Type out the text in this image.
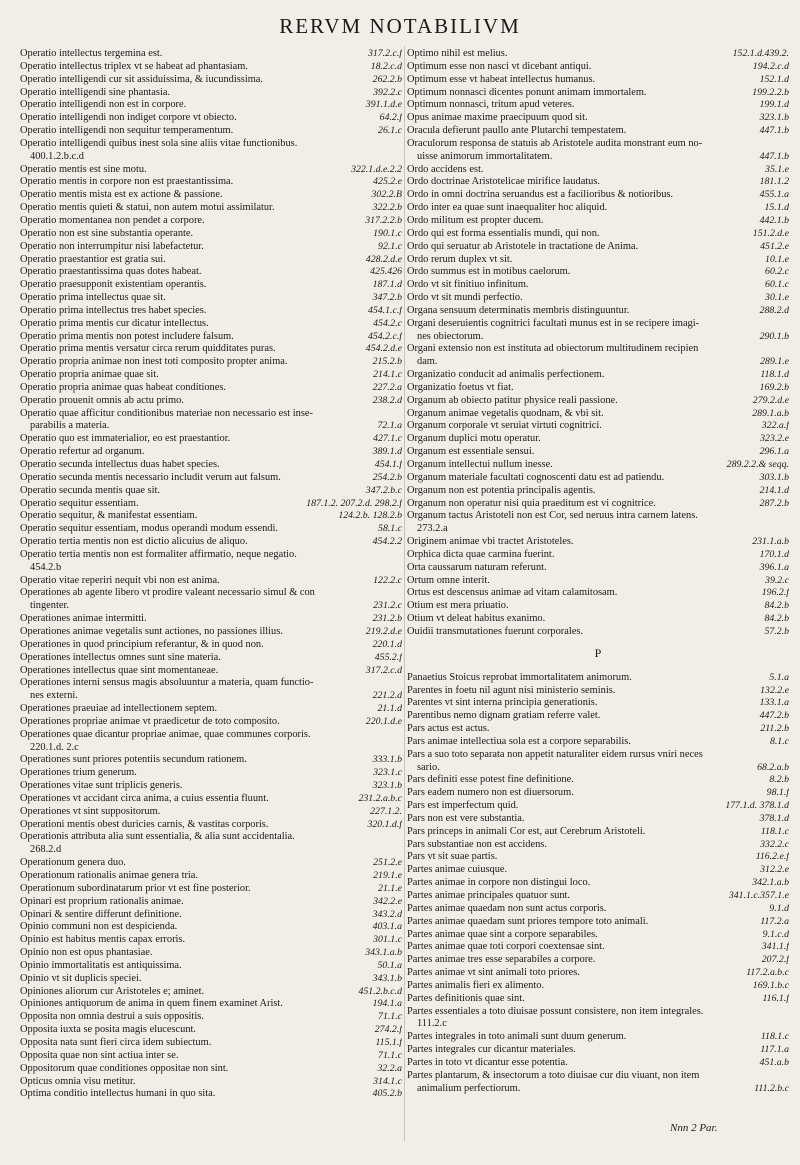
RERVM NOTABILIVM
Operatio intellectus tergemina est.	317.2.c.f
Operatio intellectus triplex vt se habeat ad phantasiam.	18.2.c.d
Operatio intelligendi cur sit assiduissima, & iucundissima.	262.2.b
Operatio intelligendi sine phantasia.	392.2.c
Operatio intelligendi non est in corpore.	391.1.d.e
Operatio intelligendi non indiget corpore vt obiecto.	64.2.f
Operatio intelligendi non sequitur temperamentum.	26.1.c
Operatio intelligendi quibus inest sola sine aliis vitae functionibus.
400.1.2.b.c.d
Operatio mentis est sine motu.	322.1.d.e.2.2
Operatio mentis in corpore non est praestantissima.	425.2.e
Operatio mentis mista est ex actione & passione.	302.2.B
Operatio mentis quieti & statui, non autem motui assimilatur.	322.2.b
Operatio momentanea non pendet a corpore.	317.2.2.b
Operatio non est sine substantia operante.	190.1.c
Operatio non interrumpitur nisi labefactetur.	92.1.c
Operatio praestantior est gratia sui.	428.2.d.e
Operatio praestantissima quas dotes habeat.	425.426
Operatio praesupponit existentiam operantis.	187.1.d
Operatio prima intellectus quae sit.	347.2.b
Operatio prima intellectus tres habet species.	454.1.c.f
Operatio prima mentis cur dicatur intellectus.	454.2.c
Operatio prima mentis non potest includere falsum.	454.2.c.f
Operatio prima mentis versatur circa rerum quidditates puras.	454.2.d.e
Operatio propria animae non inest toti composito propter anima.	215.2.b
Operatio propria animae quae sit.	214.1.c
Operatio propria animae quas habeat conditiones.	227.2.a
Operatio prouenit omnis ab actu primo.	238.2.d
Operatio quae afficitur conditionibus materiae non necessario est inse-
parabilis a materia.	72.1.a
Operatio quo est immaterialior, eo est praestantior.	427.1.c
Operatio refertur ad organum.	389.1.d
Operatio secunda intellectus duas habet species.	454.1.f
Operatio secunda mentis necessario includit verum aut falsum.	254.2.b
Operatio secunda mentis quae sit.	347.2.b.c
Operatio sequitur essentiam.	187.1.2. 207.2.d. 298.2.f
Operatio sequitur, & manifestat essentiam.	124.2.b. 128.2.b
Operatio sequitur essentiam, modus operandi modum essendi.	58.1.c
Operatio tertia mentis non est dictio alicuius de aliquo.	454.2.2
Operatio tertia mentis non est formaliter affirmatio, neque negatio.
454.2.b
Operatio vitae reperiri nequit vbi non est anima.	122.2.c
Operationes ab agente libero vt prodire valeant necessario simul & con
tingenter.	231.2.c
Operationes animae intermitti.	231.2.b
Operationes animae vegetalis sunt actiones, no passiones illius.	219.2.d.e
Operationes in quod principium referantur, & in quod non.	220.1.d
Operationes intellectus omnes sunt sine materia.	455.2.f
Operationes intellectus quae sint momentaneae.	317.2.c.d
Operationes interni sensus magis absoluuntur a materia, quam functio-
nes externi.	221.2.d
Operationes praeuiae ad intellectionem septem.	21.1.d
Operationes propriae animae vt praedicetur de toto composito.	220.1.d.e
Operationes quae dicantur propriae animae, quae communes corporis.
220.1.d. 2.c
Operationes sunt priores potentiis secundum rationem.	333.1.b
Operationes trium generum.	323.1.c
Operationes vitae sunt triplicis generis.	323.1.b
Operationes vt accidant circa anima, a cuius essentia fluunt.	231.2.a.b.c
Operationes vt sint suppositorum.	227.1.2.
Operationi mentis obest duricies carnis, & vastitas corporis.	320.1.d.f
Operationis attributa alia sunt essentialia, & alia sunt accidentalia.
268.2.d
Operationum genera duo.	251.2.e
Operationum rationalis animae genera tria.	219.1.e
Operationum subordinatarum prior vt est fine posterior.	21.1.e
Opinari est proprium rationalis animae.	342.2.e
Opinari & sentire differunt definitione.	343.2.d
Opinio communi non est despicienda.	403.1.a
Opinio est habitus mentis capax erroris.	301.1.c
Opinio non est opus phantasiae.	343.1.a.b
Opinio immortalitatis est antiquissima.	50.1.a
Opinio vt sit duplicis speciei.	343.1.b
Opiniones aliorum cur Aristoteles e; aminet.	451.2.b.c.d
Opiniones antiquorum de anima in quem finem examinet Arist.	194.1.a
Opposita non omnia destrui a suis oppositis.	71.1.c
Opposita iuxta se posita magis elucescunt.	274.2.f
Opposita nata sunt fieri circa idem subiectum.	115.1.f
Opposita quae non sint actiua inter se.	71.1.c
Oppositorum quae conditiones oppositae non sint.	32.2.a
Opticus omnia visu metitur.	314.1.c
Optima conditio intellectus humani in quo sita.	405.2.b
Optimo nihil est melius.	152.1.d.439.2.
Optimum esse non nasci vt dicebant antiqui.	194.2.c.d
Optimum esse vt habeat intellectus humanus.	152.1.d
Optimum nonnasci dicentes ponunt animam immortalem.	199.2.2.b
Optimum nonnasci, tritum apud veteres.	199.1.d
Opus animae maxime praecipuum quod sit.	323.1.b
Oracula defierunt paullo ante Plutarchi tempestatem.	447.1.b
Oraculorum responsa de statuis ab Aristotele audita monstrant eum no-
uisse animorum immortalitatem.	447.1.b
Ordo accidens est.	35.1.e
Ordo doctrinae Aristotelicae mirifice laudatus.	181.1.2
Ordo in omni doctrina seruandus est a facilioribus & notioribus.	455.1.a
Ordo inter ea quae sunt inaequaliter hoc aliquid.	15.1.d
Ordo militum est propter ducem.	442.1.b
Ordo qui est forma essentialis mundi, qui non.	151.2.d.e
Ordo qui seruatur ab Aristotele in tractatione de Anima.	451.2.e
Ordo rerum duplex vt sit.	10.1.e
Ordo summus est in motibus caelorum.	60.2.c
Ordo vt sit finitiuo infinitum.	60.1.c
Ordo vt sit mundi perfectio.	30.1.e
Organa sensuum determinatis membris distinguuntur.	288.2.d
Organi deseruientis cognitrici facultati munus est in se recipere imagi-
nes obiectorum.	290.1.b
Organi extensio non est instituta ad obiectorum multitudinem recipien
dam.	289.1.e
Organizatio conducit ad animalis perfectionem.	118.1.d
Organizatio foetus vt fiat.	169.2.b
Organum ab obiecto patitur physice reali passione.	279.2.d.e
Organum animae vegetalis quodnam, & vbi sit.	289.1.a.b
Organum corporale vt seruiat virtuti cognitrici.	322.a.f
Organum duplici motu operatur.	323.2.e
Organum est essentiale sensui.	296.1.a
Organum intellectui nullum inesse.	289.2.2.& seqq.
Organum materiale facultati cognoscenti datu est ad patiendu.	303.1.b
Organum non est potentia principalis agentis.	214.1.d
Organum non operatur nisi quia praeditum est vi cognitrice.	287.2.b
Organum tactus Aristoteli non est Cor, sed neruus intra carnem latens.
273.2.a
Originem animae vbi tractet Aristoteles.	231.1.a.b
Orphica dicta quae carmina fuerint.	170.1.d
Orta caussarum naturam referunt.	396.1.a
Ortum omne interit.	39.2.c
Ortus est descensus animae ad vitam calamitosam.	196.2.f
Otium est mera priuatio.	84.2.b
Otium vt deleat habitus exanimo.	84.2.b
Ouidii transmutationes fuerunt corporales.	57.2.b
P
Panaetius Stoicus reprobat immortalitatem animorum.	5.1.a
Parentes in foetu nil agunt nisi ministerio seminis.	132.2.e
Parentes vt sint interna principia generationis.	133.1.a
Parentibus nemo dignam gratiam referre valet.	447.2.b
Pars actus est actus.	211.2.b
Pars animae intellectiua sola est a corpore separabilis.	8.1.c
Pars a suo toto separata non appetit naturaliter eidem rursus vniri neces
sario.	68.2.a.b
Pars definiti esse potest fine definitione.	8.2.b
Pars eadem numero non est diuersorum.	98.1.f
Pars est imperfectum quid.	177.1.d. 378.1.d
Pars non est vere substantia.	378.1.d
Pars princeps in animali Cor est, aut Cerebrum Aristoteli.	118.1.c
Pars substantiae non est accidens.	332.2.c
Pars vt sit suae partis.	116.2.e.f
Partes animae cuiusque.	312.2.e
Partes animae in corpore non distingui loco.	342.1.a.b
Partes animae principales quatuor sunt.	341.1.c.357.1.e
Partes animae quaedam non sunt actus corporis.	9.1.d
Partes animae quaedam sunt priores tempore toto animali.	117.2.a
Partes animae quae sint a corpore separabiles.	9.1.c.d
Partes animae quae toti corpori coextensae sint.	341.1.f
Partes animae tres esse separabiles a corpore.	207.2.f
Partes animae vt sint animali toto priores.	117.2.a.b.c
Partes animalis fieri ex alimento.	169.1.b.c
Partes definitionis quae sint.	116.1.f
Partes essentiales a toto diuisae possunt consistere, non item integrales.
111.2.c
Partes integrales in toto animali sunt duum generum.	118.1.c
Partes integrales cur dicantur materiales.	117.1.a
Partes in toto vt dicantur esse potentia.	451.a.b
Partes plantarum, & insectorum a toto diuisae cur diu viuant, non item
animalium perfectiorum.	111.2.b.c
Nnn 2 Par.
